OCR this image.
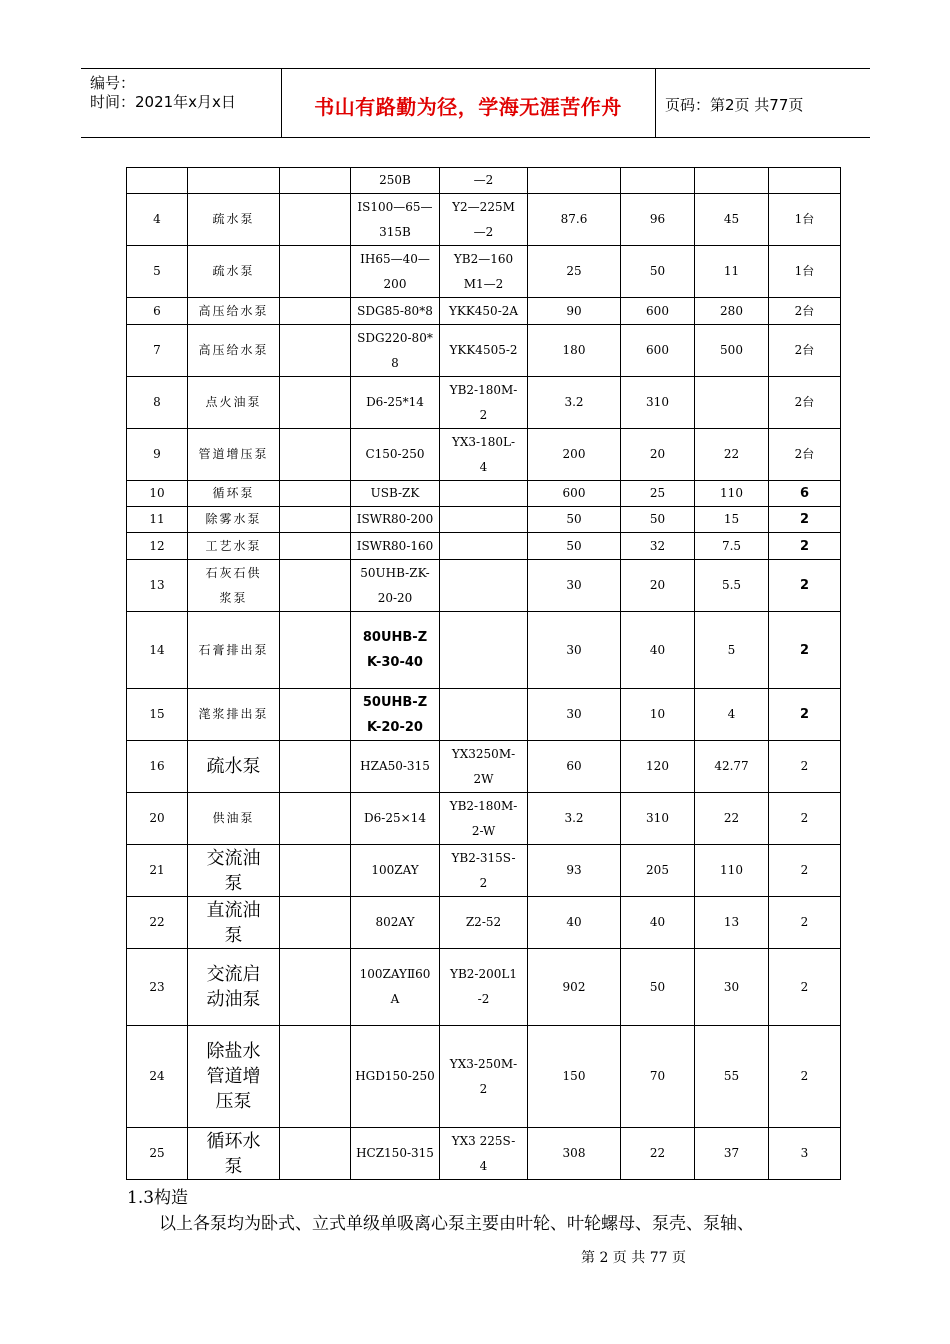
编号：
时间：2021年x月x日	书山有路勤为径，学海无涯苦作舟	页码：第2页 共77页

			250B	—2				

4	疏水泵		IS100—65—315B	Y2—225M—2	87.6	96	45	1台

5	疏水泵		IH65—40—200	YB2—160M1—2	25	50	11	1台

6	高压给水泵		SDG85-80*8	YKK450-2A	90	600	280	2台

7	高压给水泵		SDG220-80*8	YKK4505-2	180	600	500	2台

8	点火油泵		D6-25*14	YB2-180M-2	3.2	310		2台

9	管道增压泵		C150-250	YX3-180L-4	200	20	22	2台

10	循环泵		USB-ZK		600	25	110	6

11	除雾水泵		ISWR80-200		50	50	15	2

12	工艺水泵		ISWR80-160		50	32	7.5	2

13	石灰石供浆泵		50UHB-ZK-20-20		30	20	5.5	2

14	石膏排出泵		80UHB-ZK-30-40		30	40	5	2

15	滗浆排出泵		50UHB-ZK-20-20		30	10	4	2

16	疏水泵		HZA50-315	YX3250M-2W	60	120	42.77	2

20	供油泵		D6-25×14	YB2-180M-2-W	3.2	310	22	2

21	交流油泵		100ZAY	YB2-315S-2	93	205	110	2

22	直流油泵		802AY	Z2-52	40	40	13	2

23	交流启动油泵		100ZAYⅡ60A	YB2-200L1-2	902	50	30	2

24	除盐水管道增压泵		HGD150-250	YX3-250M-2	150	70	55	2

25	循环水泵		HCZ150-315	YX3 225S-4	308	22	37	3
1.3构造
以上各泵均为卧式、立式单级单吸离心泵主要由叶轮、叶轮螺母、泵壳、泵轴、
第 2 页 共 77 页
